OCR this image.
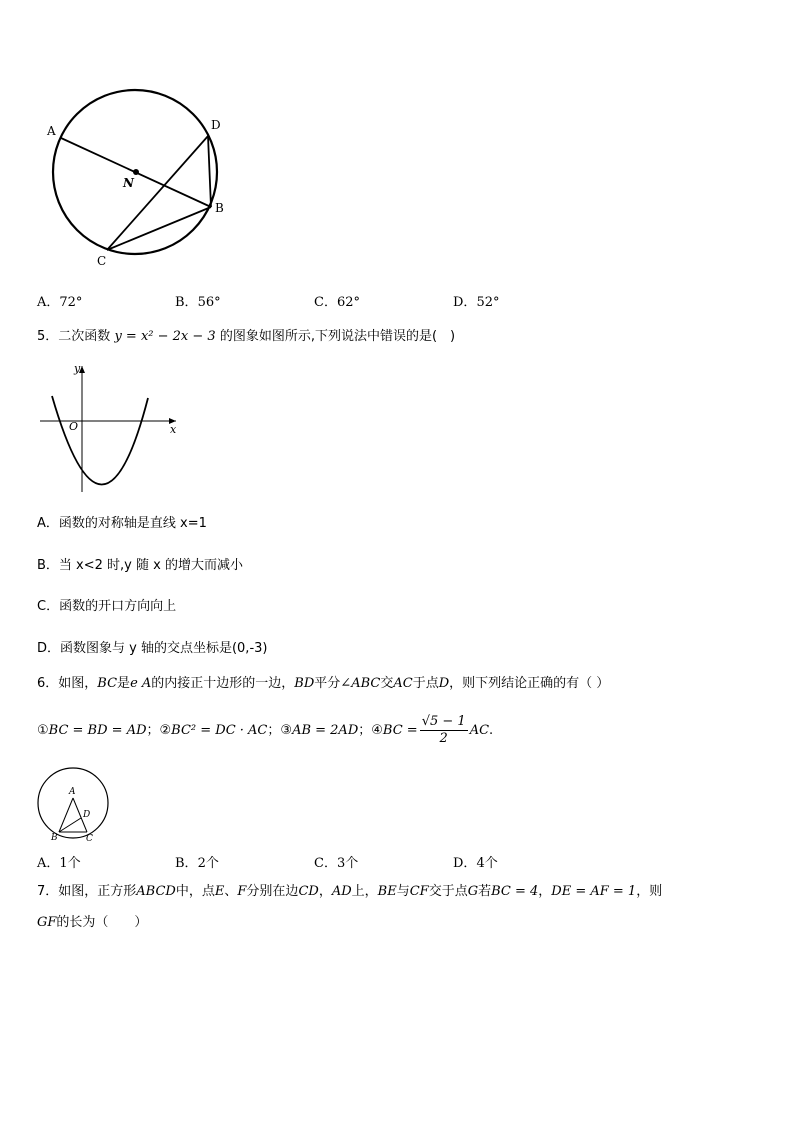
A	D
B
C
N
A．72°	B．56°	C．62°	D．52°
5．二次函数 y = x² − 2x − 3 的图象如图所示,下列说法中错误的是(　)
y
x
O
A．函数的对称轴是直线 x=1
B．当 x<2 时,y 随 x 的增大而减小
C．函数的开口方向向上
D．函数图象与 y 轴的交点坐标是(0,-3)
6．如图，BC是e A的内接正十边形的一边，BD平分∠ABC交AC于点D，则下列结论正确的有（ ）
①BC = BD = AD；②BC² = DC · AC；③AB = 2AD；④BC = $\frac{√5 - 1}{2}$ AC.
A
D
B	C
A．1个	B．2个	C．3个	D．4个
7．如图，正方形ABCD中，点E、F分别在边CD，AD上，BE与CF交于点G若BC = 4，DE = AF = 1，则
GF的长为（　　）
